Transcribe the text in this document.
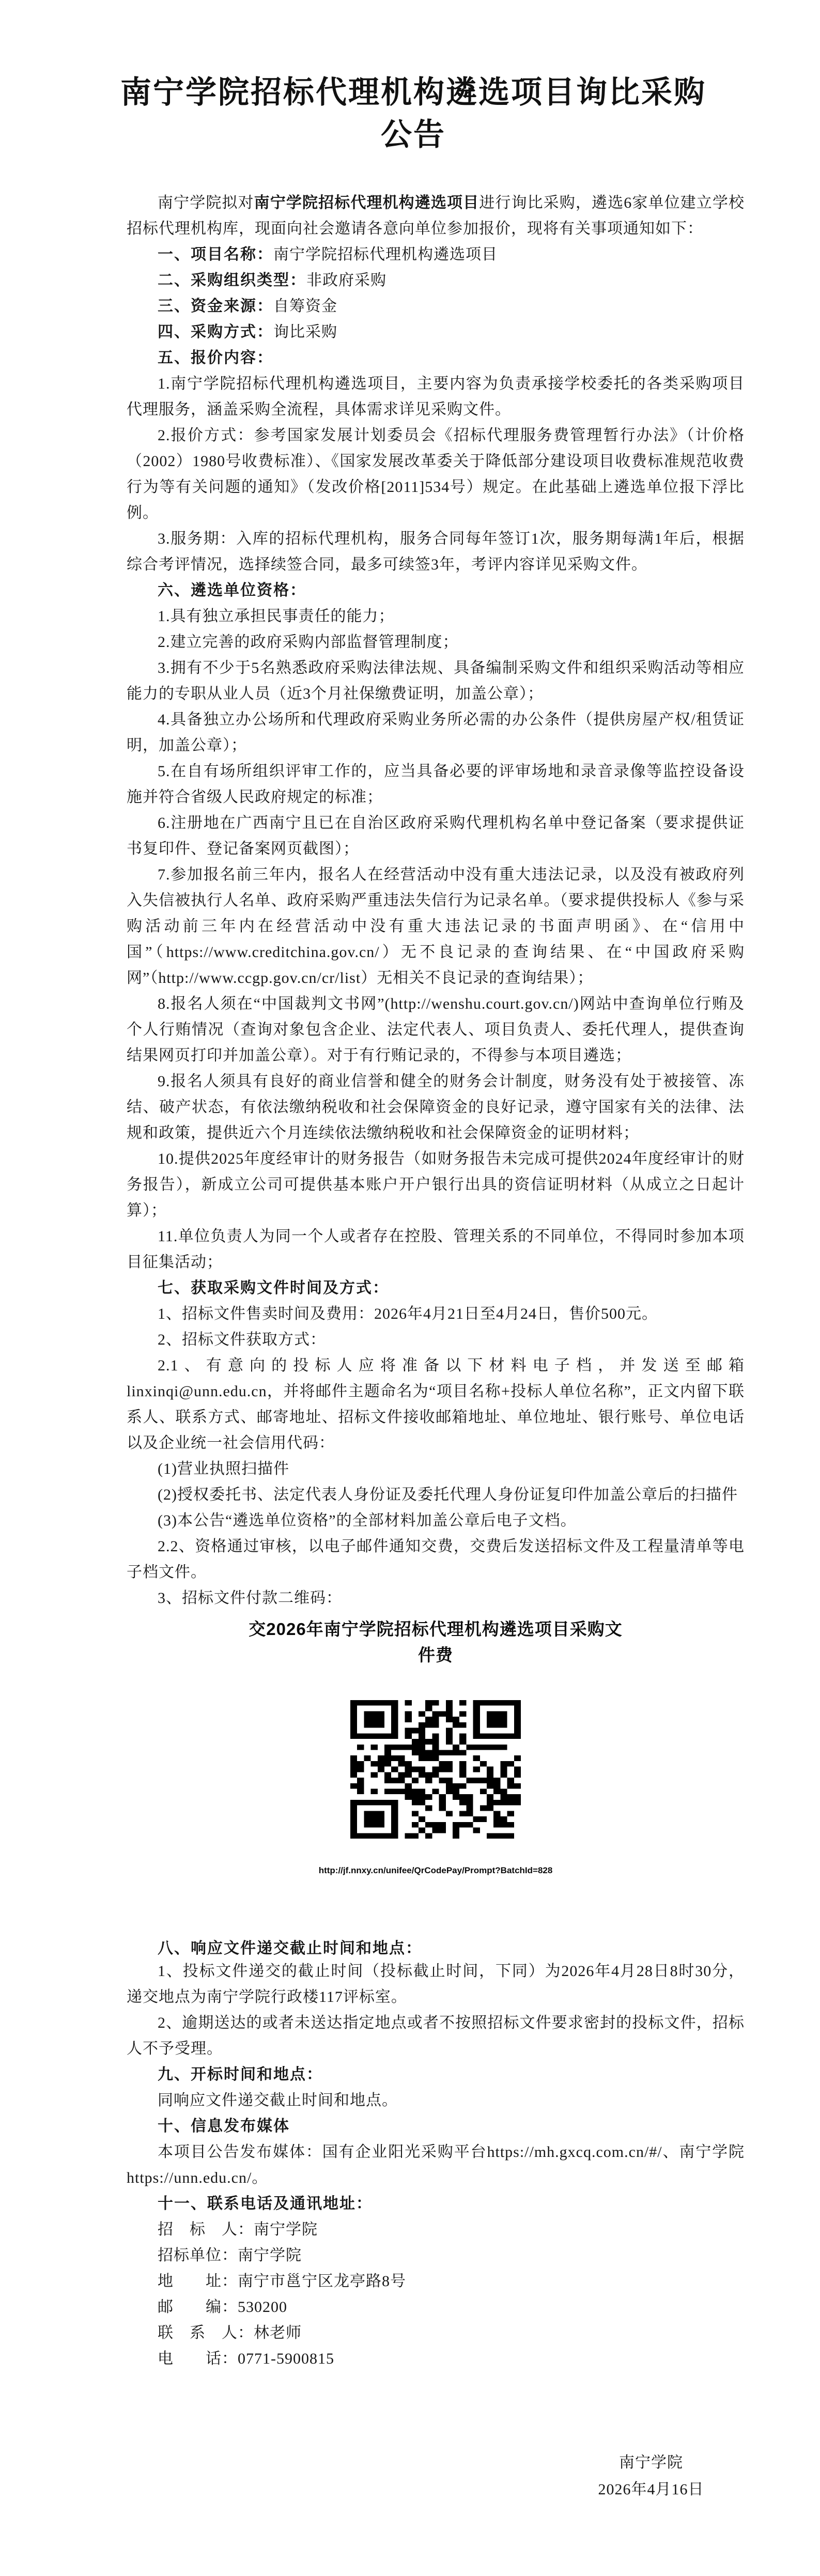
南宁学院招标代理机构遴选项目询比采购
公告

南宁学院拟对南宁学院招标代理机构遴选项目进行询比采购，遴选6家单位建立学校招标代理机构库，现面向社会邀请各意向单位参加报价，现将有关事项通知如下：

一、项目名称：南宁学院招标代理机构遴选项目

二、采购组织类型：非政府采购

三、资金来源：自筹资金

四、采购方式：询比采购

五、报价内容：

1.南宁学院招标代理机构遴选项目，主要内容为负责承接学校委托的各类采购项目代理服务，涵盖采购全流程，具体需求详见采购文件。

2.报价方式：参考国家发展计划委员会《招标代理服务费管理暂行办法》（计价格（2002）1980号收费标准）、《国家发展改革委关于降低部分建设项目收费标准规范收费行为等有关问题的通知》（发改价格[2011]534号）规定。在此基础上遴选单位报下浮比例。

3.服务期：入库的招标代理机构，服务合同每年签订1次，服务期每满1年后，根据综合考评情况，选择续签合同，最多可续签3年，考评内容详见采购文件。

六、遴选单位资格：

1.具有独立承担民事责任的能力；

2.建立完善的政府采购内部监督管理制度；

3.拥有不少于5名熟悉政府采购法律法规、具备编制采购文件和组织采购活动等相应能力的专职从业人员（近3个月社保缴费证明，加盖公章）；

4.具备独立办公场所和代理政府采购业务所必需的办公条件（提供房屋产权/租赁证明，加盖公章）；

5.在自有场所组织评审工作的，应当具备必要的评审场地和录音录像等监控设备设施并符合省级人民政府规定的标准；

6.注册地在广西南宁且已在自治区政府采购代理机构名单中登记备案（要求提供证书复印件、登记备案网页截图）；

7.参加报名前三年内，报名人在经营活动中没有重大违法记录，以及没有被政府列入失信被执行人名单、政府采购严重违法失信行为记录名单。（要求提供投标人《参与采购活动前三年内在经营活动中没有重大违法记录的书面声明函》、在“信用中国”（https://www.creditchina.gov.cn/）无不良记录的查询结果、在“中国政府采购网”（http://www.ccgp.gov.cn/cr/list）无相关不良记录的查询结果）；

8.报名人须在“中国裁判文书网”(http://wenshu.court.gov.cn/)网站中查询单位行贿及个人行贿情况（查询对象包含企业、法定代表人、项目负责人、委托代理人，提供查询结果网页打印并加盖公章）。对于有行贿记录的，不得参与本项目遴选；

9.报名人须具有良好的商业信誉和健全的财务会计制度，财务没有处于被接管、冻结、破产状态，有依法缴纳税收和社会保障资金的良好记录，遵守国家有关的法律、法规和政策，提供近六个月连续依法缴纳税收和社会保障资金的证明材料；

10.提供2025年度经审计的财务报告（如财务报告未完成可提供2024年度经审计的财务报告），新成立公司可提供基本账户开户银行出具的资信证明材料（从成立之日起计算）；

11.单位负责人为同一个人或者存在控股、管理关系的不同单位，不得同时参加本项目征集活动；

七、获取采购文件时间及方式：

1、招标文件售卖时间及费用：2026年4月21日至4月24日，售价500元。

2、招标文件获取方式：

2.1、有意向的投标人应将准备以下材料电子档，并发送至邮箱linxinqi@unn.edu.cn，并将邮件主题命名为“项目名称+投标人单位名称”，正文内留下联系人、联系方式、邮寄地址、招标文件接收邮箱地址、单位地址、银行账号、单位电话以及企业统一社会信用代码：

(1)营业执照扫描件

(2)授权委托书、法定代表人身份证及委托代理人身份证复印件加盖公章后的扫描件

(3)本公告“遴选单位资格”的全部材料加盖公章后电子文档。

2.2、资格通过审核，以电子邮件通知交费，交费后发送招标文件及工程量清单等电子档文件。

3、招标文件付款二维码：

交2026年南宁学院招标代理机构遴选项目采购文件费

http://jf.nnxy.cn/unifee/QrCodePay/Prompt?BatchId=828

八、响应文件递交截止时间和地点：

1、投标文件递交的截止时间（投标截止时间，下同）为2026年4月28日8时30分，递交地点为南宁学院行政楼117评标室。

2、逾期送达的或者未送达指定地点或者不按照招标文件要求密封的投标文件，招标人不予受理。

九、开标时间和地点：

同响应文件递交截止时间和地点。

十、信息发布媒体

本项目公告发布媒体：国有企业阳光采购平台https://mh.gxcq.com.cn/#/、南宁学院https://unn.edu.cn/。

十一、联系电话及通讯地址：

招　标　人：南宁学院

招标单位：南宁学院

地　　址：南宁市邕宁区龙亭路8号

邮　　编：530200

联　系　人：林老师

电　　话：0771-5900815

南宁学院

2026年4月16日
